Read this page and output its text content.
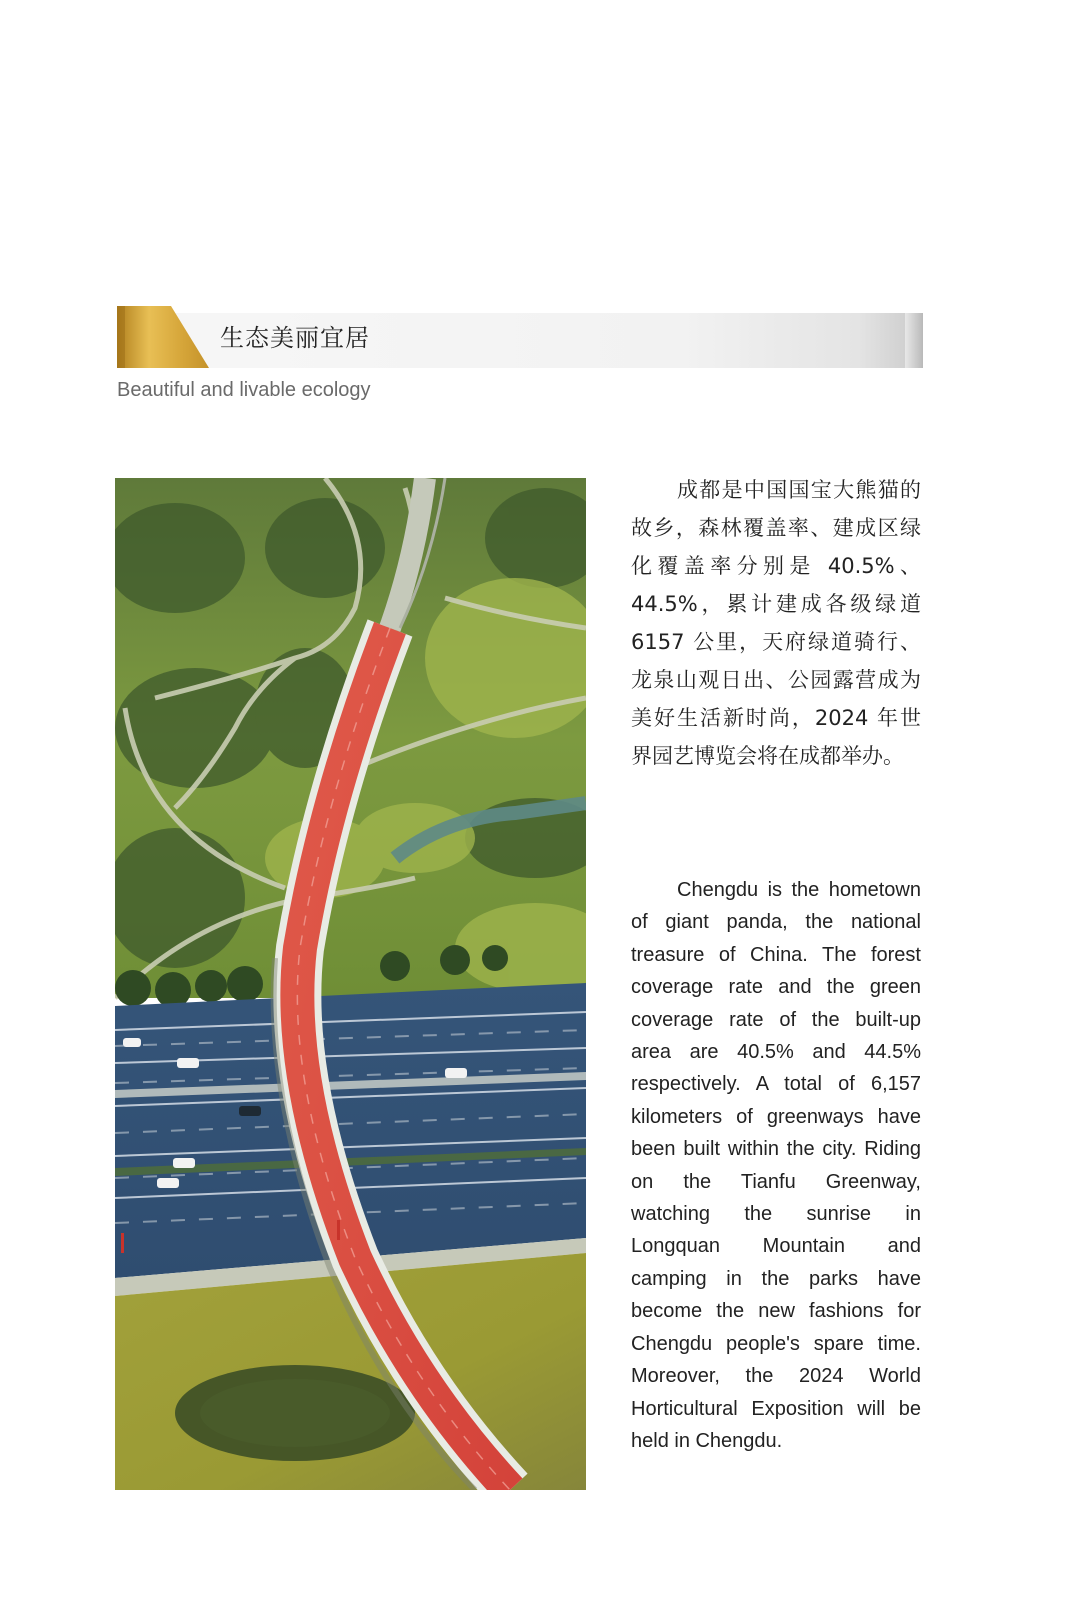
生态美丽宜居
Beautiful and livable ecology

成都是中国国宝大熊猫的故乡，森林覆盖率、建成区绿化覆盖率分别是 40.5%、44.5%，累计建成各级绿道 6157 公里，天府绿道骑行、龙泉山观日出、公园露营成为美好生活新时尚，2024 年世界园艺博览会将在成都举办。

Chengdu is the hometown of giant panda, the national treasure of China. The forest coverage rate and the green coverage rate of the built-up area are 40.5% and 44.5% respectively. A total of 6,157 kilometers of greenways have been built within the city. Riding on the Tianfu Greenway, watching the sunrise in Longquan Mountain and camping in the parks have become the new fashions for Chengdu people's spare time. Moreover, the 2024 World Horticultural Exposition will be held in Chengdu.
